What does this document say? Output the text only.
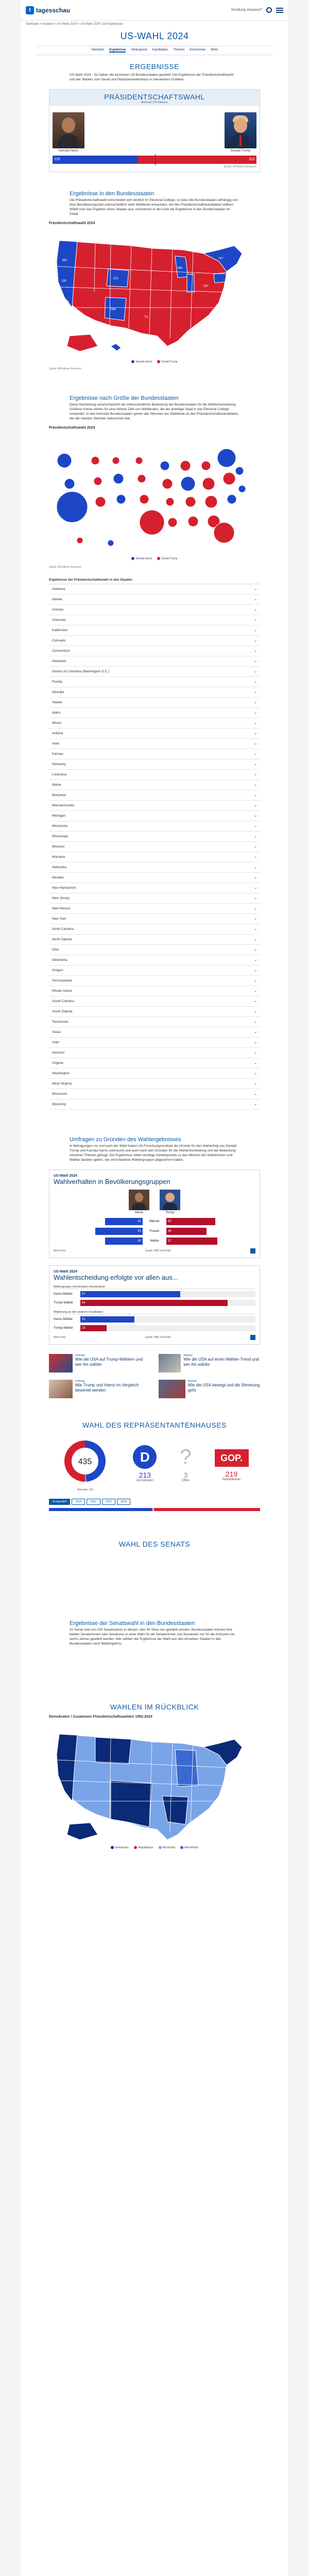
t tagesschau	Sendung verpasst?
Startseite > Ausland > US-Wahl 2024 > US-Wahl 2024: Die Ergebnisse
US-WAHL 2024
Überblick Ergebnisse Hintergrund Kandidaten Themen Kommentar Mehr
ERGEBNISSE
US-Wahl 2024 - So haben die einzelnen US-Bundesstaaten gewählt: Die Ergebnisse der Präsidentschaftswahl und der Wahlen zum Senat und Repräsentantenhaus in interaktiven Grafiken.
PRÄSIDENTSCHAFTSWAHL
Mehrheit: 270 Stimmen
Kamala Harris	Donald Trump
226	312
Quelle: AP/Edison Research
Ergebnisse in den Bundesstaaten
Die Präsidentschaftswahl entscheidet sich letztlich im Electoral College, so dass die Bundesstaaten abhängig von ihrer Bevölkerungszahl unterschiedlich viele Wahlleute entsenden, die den Präsidentschaftskandidaten wählen. Wählt man das Ergebnis eines Staates aus, erscheinen in der Liste die Ergebnisse in den Bundesstaaten im Detail.
Präsidentschaftswahl 2024
WA
OR
CA
CO
NM
TX
MN
OH
NY
Kamala Harris	Donald Trump
Quelle: AP/Edison Research
Ergebnisse nach Größe der Bundesstaaten
Diese Darstellung veranschaulicht die unterschiedliche Bedeutung der Bundesstaaten für die Wahlentscheidung. Größere Kreise stehen für eine höhere Zahl von Wahlleuten, die der jeweilige Staat in das Electoral College entsendet. In den kleinsten Bundesstaaten gehen alle Stimmen der Wahlleute an den Präsidentschaftskandidaten, der die meisten Stimmen bekommen hat.
Präsidentschaftswahl 2024
Kamala Harris	Donald Trump
Quelle: AP/Edison Research
Ergebnisse der Präsidentschaftswahl in den Staaten
Alabama	⌄
Alaska	⌄
Arizona	⌄
Arkansas	⌄
Kalifornien	⌄
Colorado	⌄
Connecticut	⌄
Delaware	⌄
District of Columbia (Washington D.C.)	⌄
Florida	⌄
Georgia	⌄
Hawaii	⌄
Idaho	⌄
Illinois	⌄
Indiana	⌄
Iowa	⌄
Kansas	⌄
Kentucky	⌄
Louisiana	⌄
Maine	⌄
Maryland	⌄
Massachusetts	⌄
Michigan	⌄
Minnesota	⌄
Mississippi	⌄
Missouri	⌄
Montana	⌄
Nebraska	⌄
Nevada	⌄
New Hampshire	⌄
New Jersey	⌄
New Mexico	⌄
New York	⌄
North Carolina	⌄
North Dakota	⌄
Ohio	⌄
Oklahoma	⌄
Oregon	⌄
Pennsylvania	⌄
Rhode Island	⌄
South Carolina	⌄
South Dakota	⌄
Tennessee	⌄
Texas	⌄
Utah	⌄
Vermont	⌄
Virginia	⌄
Washington	⌄
West Virginia	⌄
Wisconsin	⌄
Wyoming	⌄
Umfragen zu Gründen des Wahlergebnisses
In Befragungen vor und nach der Wahl haben US-Forschungsinstitute die Gründe für den Wahlerfolg von Donald Trump und Kamala Harris untersucht und auch nach den Gründen für die Wahlentscheidung und der Bedeutung einzelner Themen gefragt. Die Ergebnisse sollen wichtige Anhaltspunkte zu den Motiven der Wählerinnen und Wähler darüber geben, wie verschiedene Wählergruppen abgestimmt haben.
US-Wahl 2024
Wahlverhalten in Bevölkerungsgruppen
Harris	Trump
42	Männer	55
53	Frauen	45
42	Weiße	57
Mehr Infos	Quelle: NBC Exit Polls
US-Wahl 2024
Wahlentscheidung erfolgte vor allen aus...
Wählergruppe mit höchstem Bundesland
Harris-Wähler	57
Trump-Wähler	84
Wählerung an den anderen Kandidaten
Harris-Wähler	31
Trump-Wähler	15
Mehr Infos	Quelle: NBC Exit Polls
Umfrage
Wie die USA auf Trump-Wählern und wer ihn wählte
Analyse
Wie die USA auf einen Wähler-Trend und wer ihn wählte
Umfrage
Wie Trump und Harris im Vergleich bewertet werden
Analyse
Wie die USA bewegt und die Stimmung geht
WAHL DES REPRÄSENTANTENHAUSES
435
Mehrheit: 218
D
213
Demokraten
?
3
Offen
GOP.
219
Republikaner
Ausgezählt	2024	2022	2020	2018
WAHL DES SENATS
Ergebnisse der Senatswahl in den Bundesstaaten
Im Senat sind von 100 Senatssitzen in diesem Jahr 34 Sitze neu gewählt worden. Bundesstaaten können ihre beiden Senatorinnen oder Senatoren in einer Wahl für die Senatorinnen und Senatoren nur für die Amtszeit von sechs Jahren gewählt werden. Wer wählen die Ergebnisse der Wahl aus den einzelnen Staaten in den Bundesstaaten nach Wahlergebnis.
WAHLEN IM RÜCKBLICK
Demokraten / Zusammen Präsidentschaftswahlen 1992-2024
Demokraten	Republikaner	Wechselnd	Mehrheitlich
